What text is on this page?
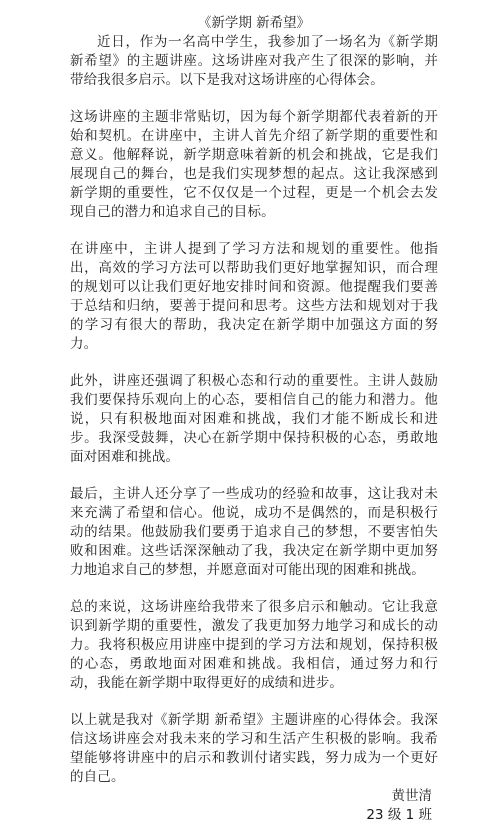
《新学期 新希望》

近日，作为一名高中学生，我参加了一场名为《新学期 新希望》的主题讲座。这场讲座对我产生了很深的影响，并带给我很多启示。以下是我对这场讲座的心得体会。

这场讲座的主题非常贴切，因为每个新学期都代表着新的开始和契机。在讲座中，主讲人首先介绍了新学期的重要性和意义。他解释说，新学期意味着新的机会和挑战，它是我们展现自己的舞台，也是我们实现梦想的起点。这让我深感到新学期的重要性，它不仅仅是一个过程，更是一个机会去发现自己的潜力和追求自己的目标。

在讲座中，主讲人提到了学习方法和规划的重要性。他指出，高效的学习方法可以帮助我们更好地掌握知识，而合理的规划可以让我们更好地安排时间和资源。他提醒我们要善于总结和归纳，要善于提问和思考。这些方法和规划对于我的学习有很大的帮助，我决定在新学期中加强这方面的努力。

此外，讲座还强调了积极心态和行动的重要性。主讲人鼓励我们要保持乐观向上的心态，要相信自己的能力和潜力。他说，只有积极地面对困难和挑战，我们才能不断成长和进步。我深受鼓舞，决心在新学期中保持积极的心态，勇敢地面对困难和挑战。

最后，主讲人还分享了一些成功的经验和故事，这让我对未来充满了希望和信心。他说，成功不是偶然的，而是积极行动的结果。他鼓励我们要勇于追求自己的梦想，不要害怕失败和困难。这些话深深触动了我，我决定在新学期中更加努力地追求自己的梦想，并愿意面对可能出现的困难和挑战。

总的来说，这场讲座给我带来了很多启示和触动。它让我意识到新学期的重要性，激发了我更加努力地学习和成长的动力。我将积极应用讲座中提到的学习方法和规划，保持积极的心态，勇敢地面对困难和挑战。我相信，通过努力和行动，我能在新学期中取得更好的成绩和进步。

以上就是我对《新学期 新希望》主题讲座的心得体会。我深信这场讲座会对我未来的学习和生活产生积极的影响。我希望能够将讲座中的启示和教训付诸实践，努力成为一个更好的自己。

黄世清
23 级 1 班
